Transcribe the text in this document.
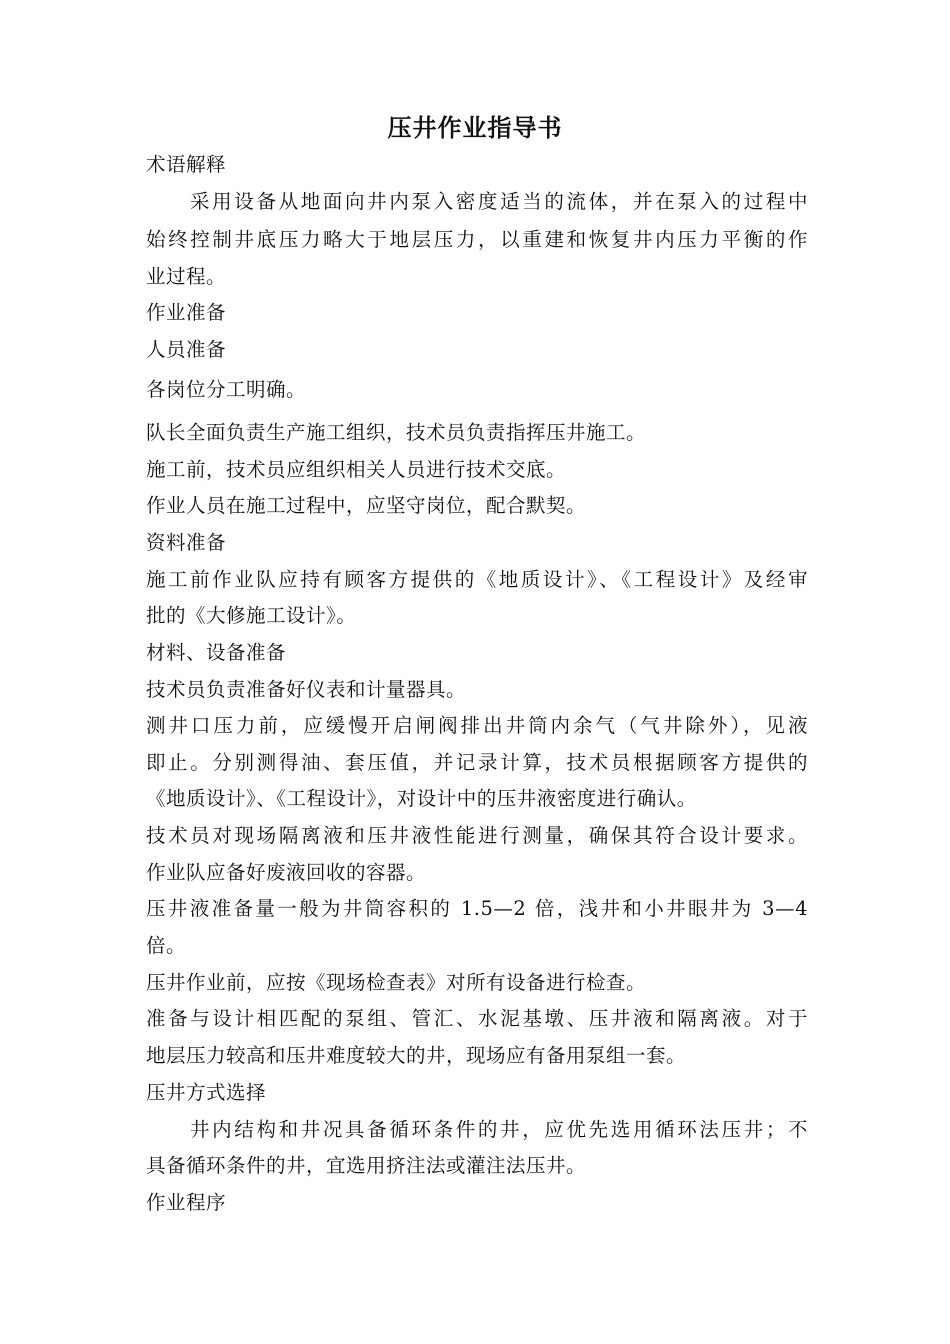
压井作业指导书
术语解释
采用设备从地面向井内泵入密度适当的流体，并在泵入的过程中
始终控制井底压力略大于地层压力，以重建和恢复井内压力平衡的作
业过程。
作业准备
人员准备
各岗位分工明确。
队长全面负责生产施工组织，技术员负责指挥压井施工。
施工前，技术员应组织相关人员进行技术交底。
作业人员在施工过程中，应坚守岗位，配合默契。
资料准备
施工前作业队应持有顾客方提供的《地质设计》、《工程设计》及经审
批的《大修施工设计》。
材料、设备准备
技术员负责准备好仪表和计量器具。
测井口压力前，应缓慢开启闸阀排出井筒内余气（气井除外），见液
即止。分别测得油、套压值，并记录计算，技术员根据顾客方提供的
《地质设计》、《工程设计》，对设计中的压井液密度进行确认。
技术员对现场隔离液和压井液性能进行测量，确保其符合设计要求。
作业队应备好废液回收的容器。
压井液准备量一般为井筒容积的 1.5—2 倍，浅井和小井眼井为 3—4
倍。
压井作业前，应按《现场检查表》对所有设备进行检查。
准备与设计相匹配的泵组、管汇、水泥基墩、压井液和隔离液。对于
地层压力较高和压井难度较大的井，现场应有备用泵组一套。
压井方式选择
井内结构和井况具备循环条件的井，应优先选用循环法压井；不
具备循环条件的井，宜选用挤注法或灌注法压井。
作业程序
